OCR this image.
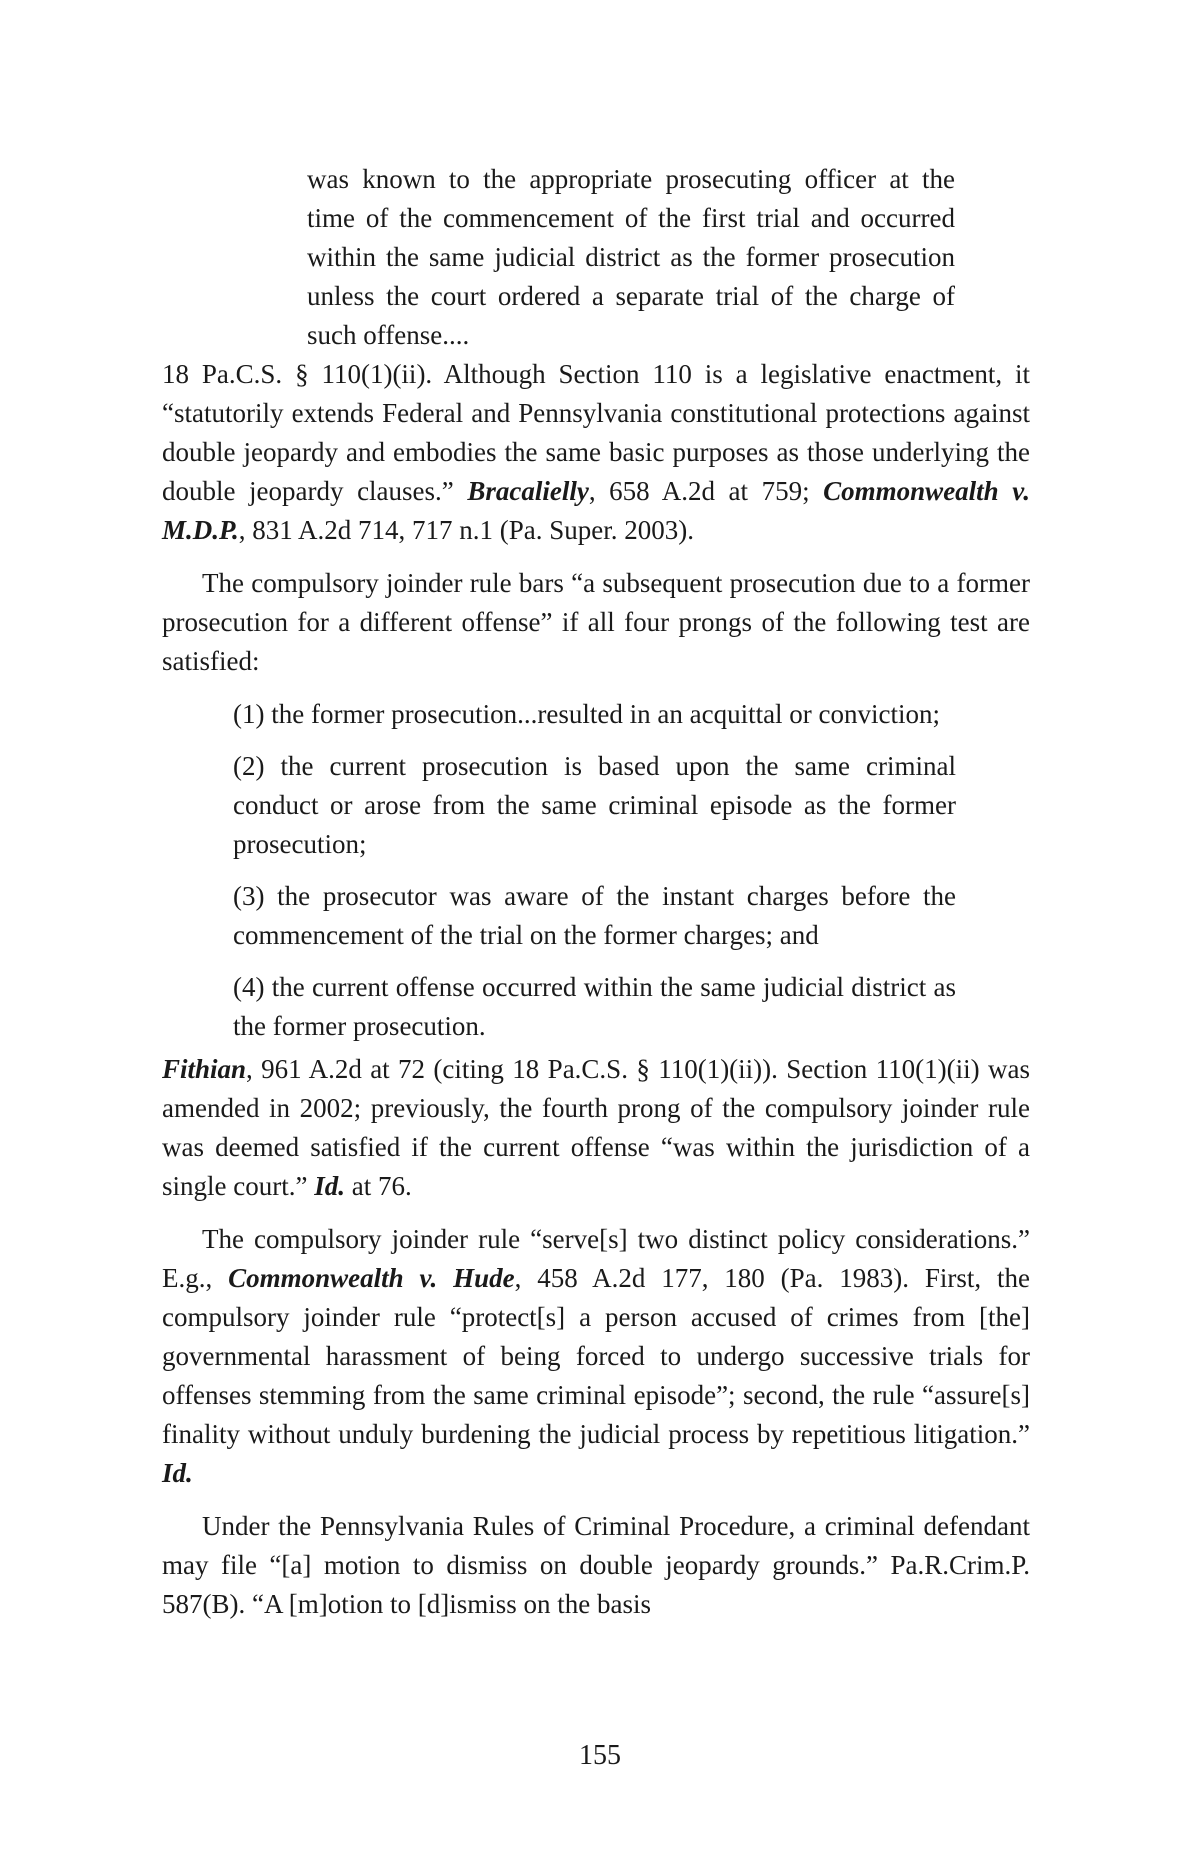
was known to the appropriate prosecuting officer at the time of the commencement of the first trial and occurred within the same judicial district as the former prosecution unless the court ordered a separate trial of the charge of such offense....

18 Pa.C.S. § 110(1)(ii). Although Section 110 is a legislative enactment, it “statutorily extends Federal and Pennsylvania constitutional protections against double jeopardy and embodies the same basic purposes as those underlying the double jeopardy clauses.” Bracalielly, 658 A.2d at 759; Commonwealth v. M.D.P., 831 A.2d 714, 717 n.1 (Pa. Super. 2003).

The compulsory joinder rule bars “a subsequent prosecution due to a former prosecution for a different offense” if all four prongs of the following test are satisfied:

(1) the former prosecution...resulted in an acquittal or conviction;

(2) the current prosecution is based upon the same criminal conduct or arose from the same criminal episode as the former prosecution;

(3) the prosecutor was aware of the instant charges before the commencement of the trial on the former charges; and

(4) the current offense occurred within the same judicial district as the former prosecution.

Fithian, 961 A.2d at 72 (citing 18 Pa.C.S. § 110(1)(ii)). Section 110(1)(ii) was amended in 2002; previously, the fourth prong of the compulsory joinder rule was deemed satisfied if the current offense “was within the jurisdiction of a single court.” Id. at 76.

The compulsory joinder rule “serve[s] two distinct policy considerations.” E.g., Commonwealth v. Hude, 458 A.2d 177, 180 (Pa. 1983). First, the compulsory joinder rule “protect[s] a person accused of crimes from [the] governmental harassment of being forced to undergo successive trials for offenses stemming from the same criminal episode”; second, the rule “assure[s] finality without unduly burdening the judicial process by repetitious litigation.” Id.

Under the Pennsylvania Rules of Criminal Procedure, a criminal defendant may file “[a] motion to dismiss on double jeopardy grounds.” Pa.R.Crim.P. 587(B). “A [m]otion to [d]ismiss on the basis

155
